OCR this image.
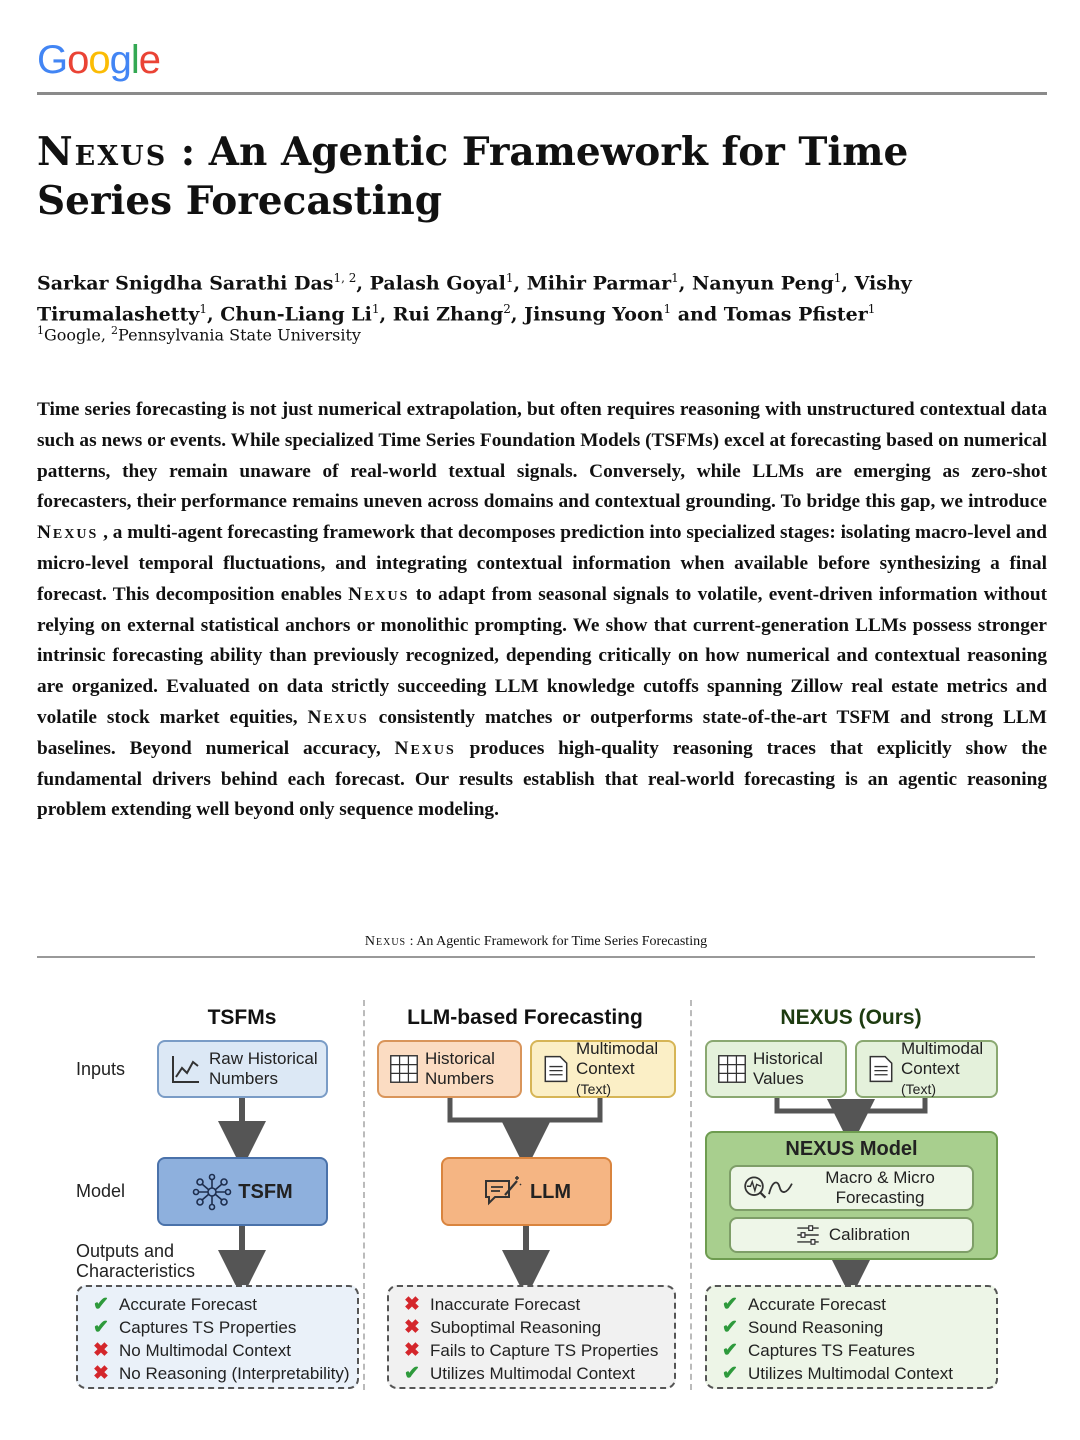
Google
Nexus : An Agentic Framework for Time Series Forecasting
Sarkar Snigdha Sarathi Das$^{1, 2}$, Palash Goyal$^1$, Mihir Parmar$^1$, Nanyun Peng$^1$, Vishy Tirumalashetty$^1$, Chun-Liang Li$^1$, Rui Zhang$^2$, Jinsung Yoon$^1$ and Tomas Pfister$^1$
$^1$Google, $^2$Pennsylvania State University

Time series forecasting is not just numerical extrapolation, but often requires reasoning with unstructured contextual data such as news or events. While specialized Time Series Foundation Models (TSFMs) excel at forecasting based on numerical patterns, they remain unaware of real-world textual signals. Conversely, while LLMs are emerging as zero-shot forecasters, their performance remains uneven across domains and contextual grounding. To bridge this gap, we introduce Nexus , a multi-agent forecasting framework that decomposes prediction into specialized stages: isolating macro-level and micro-level temporal fluctuations, and integrating contextual information when available before synthesizing a final forecast. This decomposition enables Nexus to adapt from seasonal signals to volatile, event-driven information without relying on external statistical anchors or monolithic prompting. We show that current-generation LLMs possess stronger intrinsic forecasting ability than previously recognized, depending critically on how numerical and contextual reasoning are organized. Evaluated on data strictly succeeding LLM knowledge cutoffs spanning Zillow real estate metrics and volatile stock market equities, Nexus consistently matches or outperforms state-of-the-art TSFM and strong LLM baselines. Beyond numerical accuracy, Nexus produces high-quality reasoning traces that explicitly show the fundamental drivers behind each forecast. Our results establish that real-world forecasting is an agentic reasoning problem extending well beyond only sequence modeling.

Nexus : An Agentic Framework for Time Series Forecasting
TSFMs	LLM-based Forecasting	NEXUS (Ours)
Inputs
Model
Outputs and
Characteristics
Raw Historical
Numbers
TSFM
✔ Accurate Forecast
✔ Captures TS Properties
✖ No Multimodal Context
✖ No Reasoning (Interpretability)
Historical
Numbers
Multimodal
Context (Text)
LLM
✖ Inaccurate Forecast
✖ Suboptimal Reasoning
✖ Fails to Capture TS Properties
✔ Utilizes Multimodal Context
Historical
Values
Multimodal
Context (Text)
NEXUS Model
Macro & Micro
Forecasting
Calibration
✔ Accurate Forecast
✔ Sound Reasoning
✔ Captures TS Features
✔ Utilizes Multimodal Context
